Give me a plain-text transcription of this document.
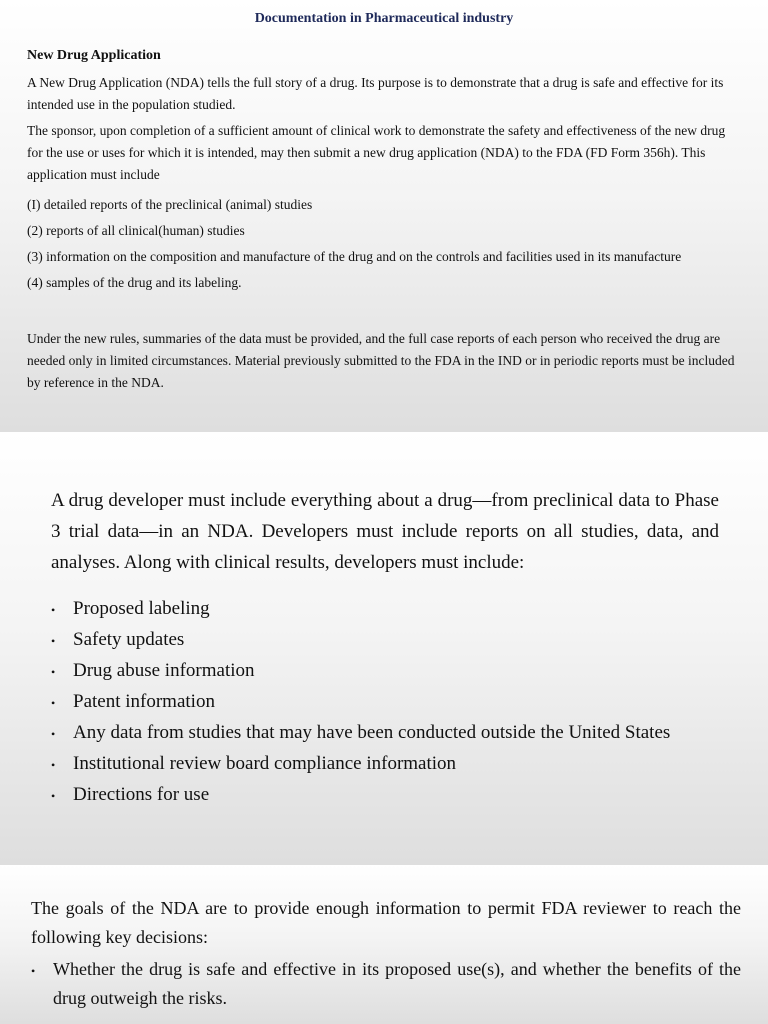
Documentation in Pharmaceutical industry
New Drug Application

A New Drug Application (NDA) tells the full story of a drug. Its purpose is to demonstrate that a drug is safe and effective for its intended use in the population studied.

The sponsor, upon completion of a sufficient amount of clinical work to demonstrate the safety and effectiveness of the new drug for the use or uses for which it is intended, may then submit a new drug application (NDA) to the FDA (FD Form 356h). This application must include

(I) detailed reports of the preclinical (animal) studies
(2) reports of all clinical(human) studies
(3) information on the composition and manufacture of the drug and on the controls and facilities used in its manufacture
(4) samples of the drug and its labeling.

Under the new rules, summaries of the data must be provided, and the full case reports of each person who received the drug are needed only in limited circumstances. Material previously submitted to the FDA in the IND or in periodic reports must be included by reference in the NDA.

A drug developer must include everything about a drug—from preclinical data to Phase 3 trial data—in an NDA. Developers must include reports on all studies, data, and analyses. Along with clinical results, developers must include:

• Proposed labeling
• Safety updates
• Drug abuse information
• Patent information
• Any data from studies that may have been conducted outside the United States
• Institutional review board compliance information
• Directions for use

The goals of the NDA are to provide enough information to permit FDA reviewer to reach the following key decisions:

• Whether the drug is safe and effective in its proposed use(s), and whether the benefits of the drug outweigh the risks.
